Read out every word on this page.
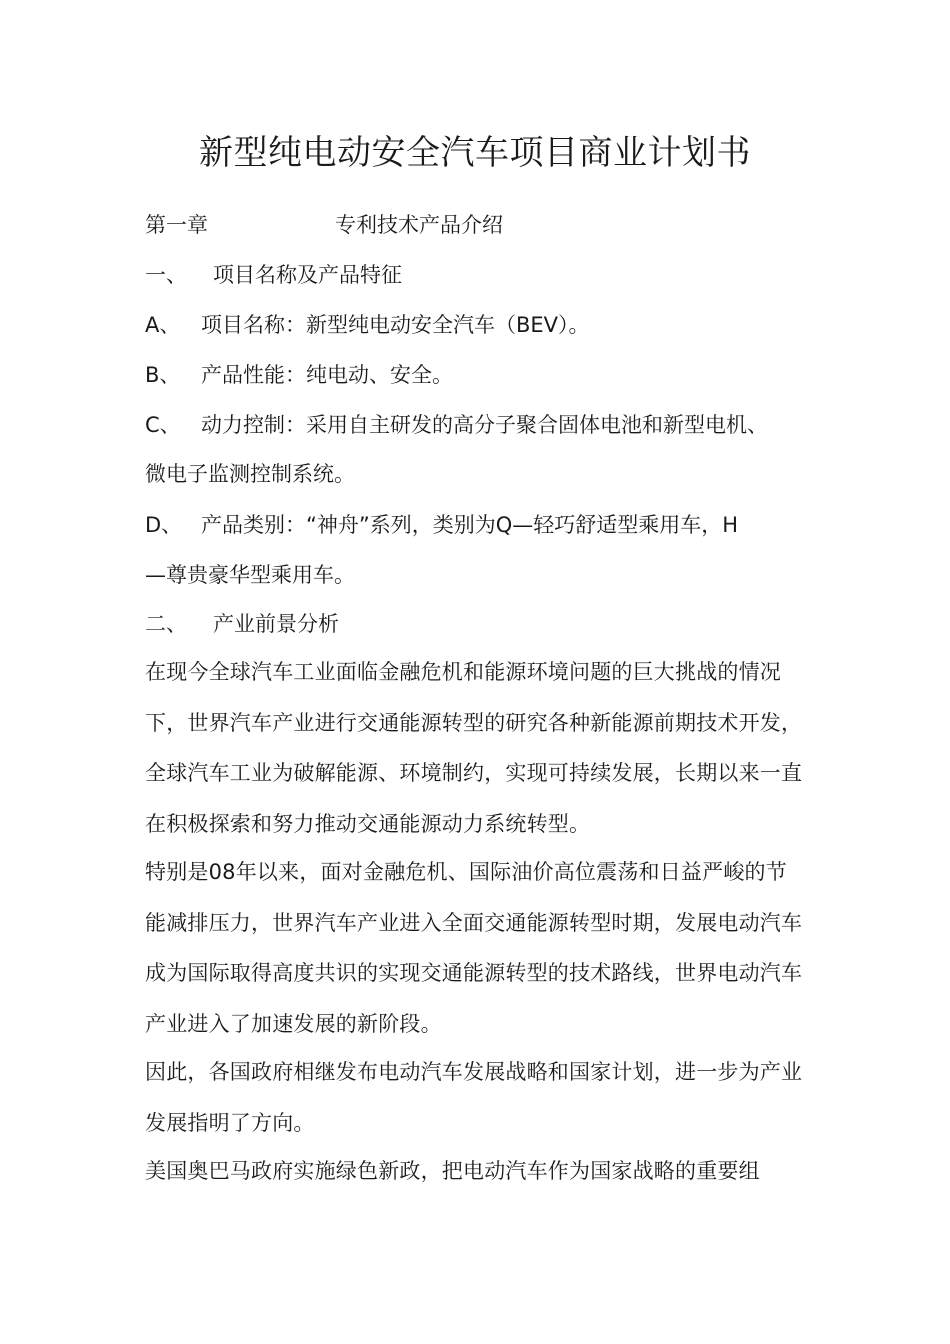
新型纯电动安全汽车项目商业计划书
第一章	专利技术产品介绍
一、 项目名称及产品特征
A、 项目名称：新型纯电动安全汽车（BEV）。
B、 产品性能：纯电动、安全。
C、 动力控制：采用自主研发的高分子聚合固体电池和新型电机、
微电子监测控制系统。
D、 产品类别：“神舟”系列，类别为Q—轻巧舒适型乘用车，H
—尊贵豪华型乘用车。
二、 产业前景分析

在现今全球汽车工业面临金融危机和能源环境问题的巨大挑战的情况下，世界汽车产业进行交通能源转型的研究各种新能源前期技术开发，全球汽车工业为破解能源、环境制约，实现可持续发展，长期以来一直在积极探索和努力推动交通能源动力系统转型。

特别是08年以来，面对金融危机、国际油价高位震荡和日益严峻的节能减排压力，世界汽车产业进入全面交通能源转型时期，发展电动汽车成为国际取得高度共识的实现交通能源转型的技术路线，世界电动汽车产业进入了加速发展的新阶段。

因此，各国政府相继发布电动汽车发展战略和国家计划，进一步为产业发展指明了方向。

美国奥巴马政府实施绿色新政，把电动汽车作为国家战略的重要组
